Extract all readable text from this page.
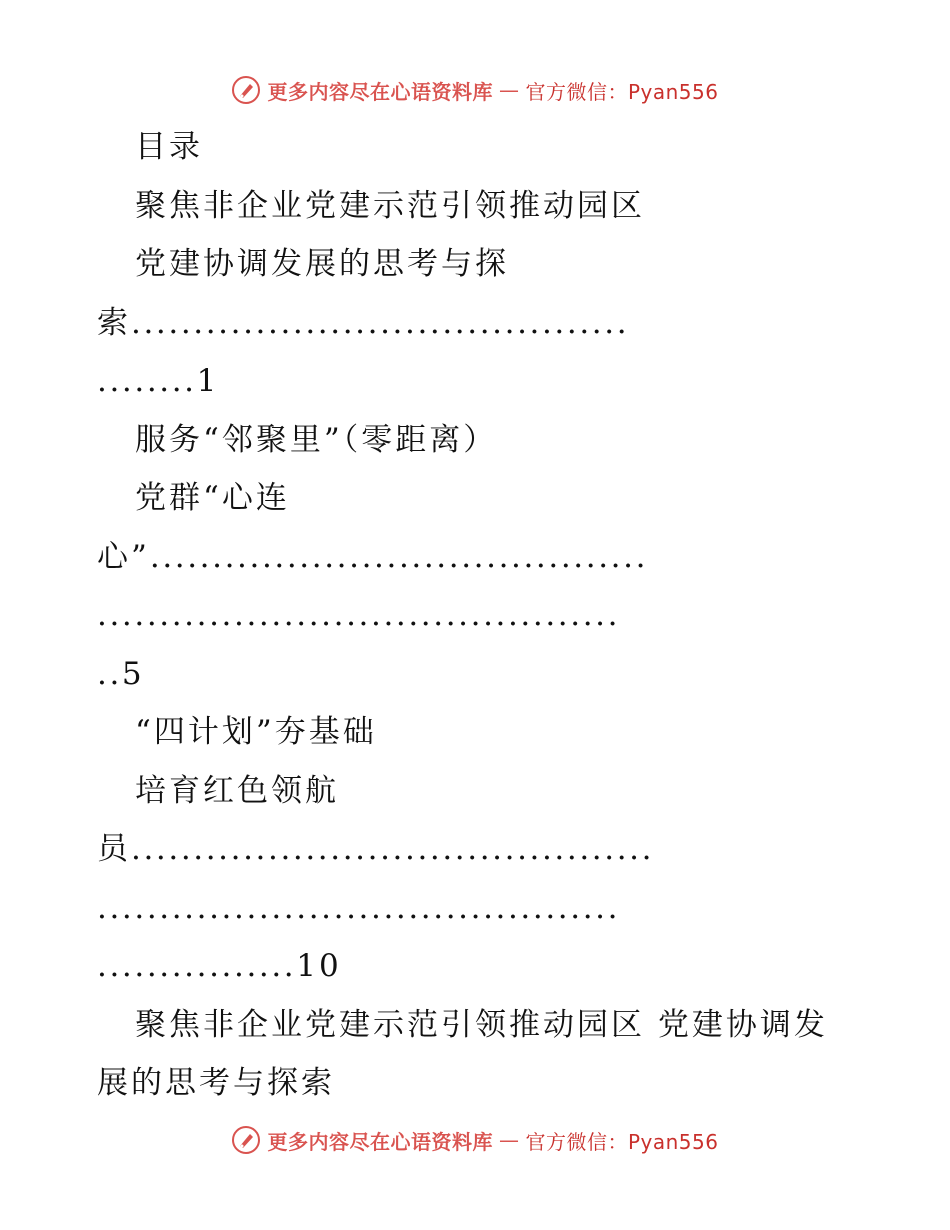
更多内容尽在心语资料库 — 官方微信：Pyan556
目录
聚焦非企业党建示范引领推动园区
党建协调发展的思考与探
索........................................
........1
服务“邻聚里”（零距离）
党群“心连
心”........................................
..........................................
..5
“四计划”夯基础
培育红色领航
员..........................................
..........................................
................10
聚焦非企业党建示范引领推动园区 党建协调发
展的思考与探索
更多内容尽在心语资料库 — 官方微信：Pyan556
